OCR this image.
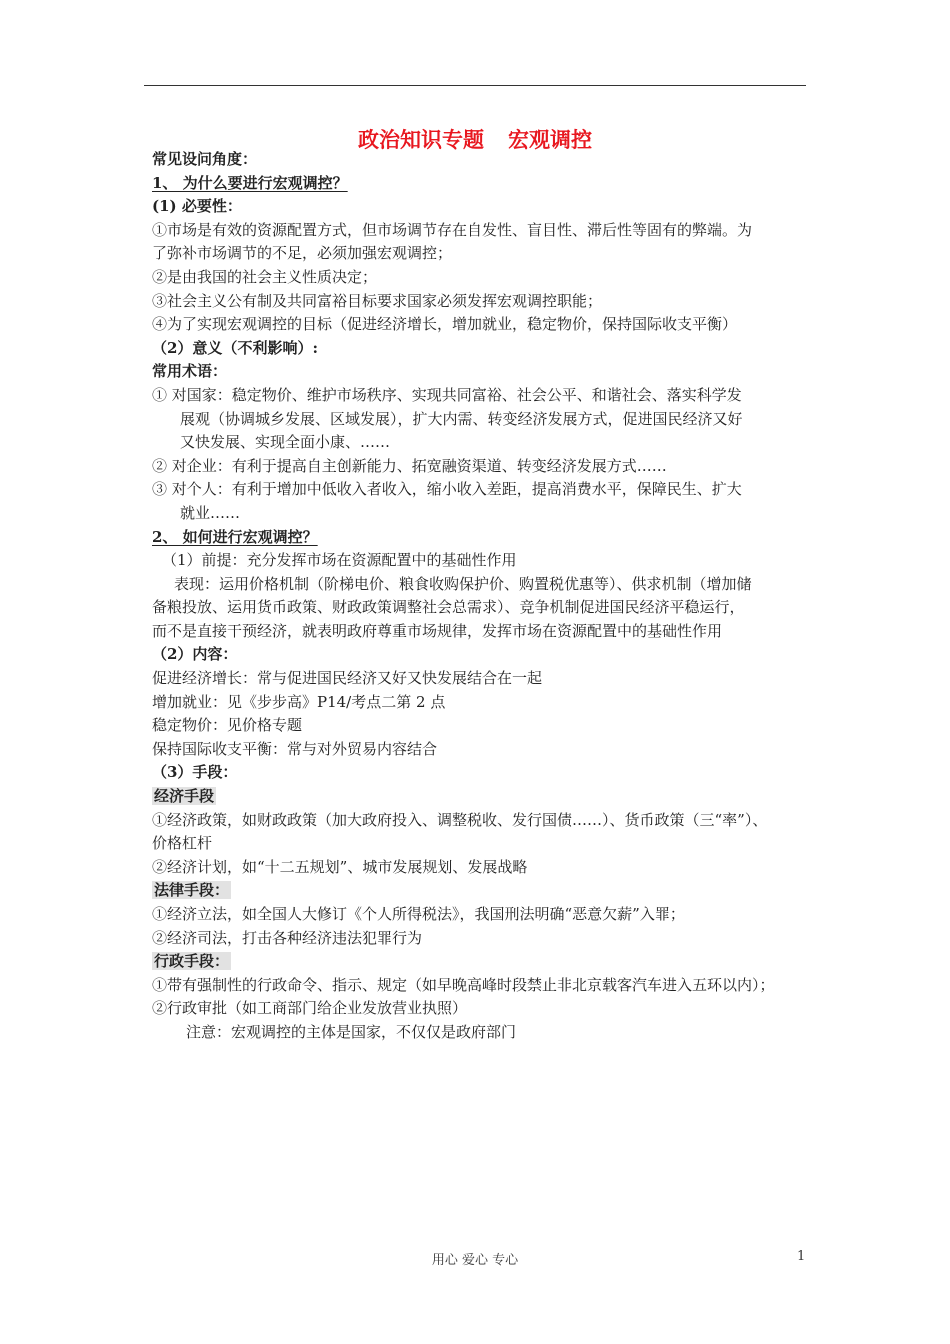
政治知识专题 宏观调控
常见设问角度：
1、 为什么要进行宏观调控？
(1) 必要性：
①市场是有效的资源配置方式，但市场调节存在自发性、盲目性、滞后性等固有的弊端。为
了弥补市场调节的不足，必须加强宏观调控；
②是由我国的社会主义性质决定；
③社会主义公有制及共同富裕目标要求国家必须发挥宏观调控职能；
④为了实现宏观调控的目标（促进经济增长，增加就业，稳定物价，保持国际收支平衡）
（2）意义（不利影响）:
常用术语：
① 对国家：稳定物价、维护市场秩序、实现共同富裕、社会公平、和谐社会、落实科学发
展观（协调城乡发展、区域发展），扩大内需、转变经济发展方式，促进国民经济又好
又快发展、实现全面小康、……
② 对企业：有利于提高自主创新能力、拓宽融资渠道、转变经济发展方式……
③ 对个人：有利于增加中低收入者收入，缩小收入差距，提高消费水平，保障民生、扩大
就业……
2、 如何进行宏观调控？
（1）前提：充分发挥市场在资源配置中的基础性作用
表现：运用价格机制（阶梯电价、粮食收购保护价、购置税优惠等）、供求机制（增加储
备粮投放、运用货币政策、财政政策调整社会总需求）、竞争机制促进国民经济平稳运行，
而不是直接干预经济，就表明政府尊重市场规律，发挥市场在资源配置中的基础性作用
（2）内容：
促进经济增长：常与促进国民经济又好又快发展结合在一起
增加就业：见《步步高》P14/考点二第 2 点
稳定物价：见价格专题
保持国际收支平衡：常与对外贸易内容结合
（3）手段：
经济手段
①经济政策，如财政政策（加大政府投入、调整税收、发行国债……）、货币政策（三“率”）、
价格杠杆
②经济计划，如“十二五规划”、城市发展规划、发展战略
法律手段：
①经济立法，如全国人大修订《个人所得税法》，我国刑法明确“恶意欠薪”入罪；
②经济司法，打击各种经济违法犯罪行为
行政手段：
①带有强制性的行政命令、指示、规定（如早晚高峰时段禁止非北京载客汽车进入五环以内）；
②行政审批（如工商部门给企业发放营业执照）
注意：宏观调控的主体是国家，不仅仅是政府部门
用心 爱心 专心	1
